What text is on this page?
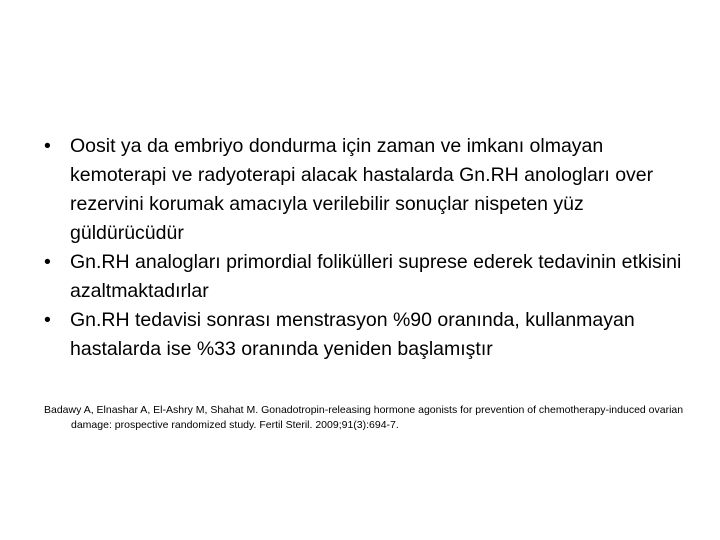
• Oosit ya da embriyo dondurma için zaman ve imkanı olmayan kemoterapi ve radyoterapi alacak hastalarda Gn.RH anologları over rezervini korumak amacıyla verilebilir sonuçlar nispeten yüz güldürücüdür
• Gn.RH analogları primordial folikülleri suprese ederek tedavinin etkisini azaltmaktadırlar
• Gn.RH tedavisi sonrası menstrasyon %90 oranında, kullanmayan hastalarda ise %33 oranında yeniden başlamıştır

Badawy A, Elnashar A, El-Ashry M, Shahat M. Gonadotropin-releasing hormone agonists for prevention of chemotherapy-induced ovarian damage: prospective randomized study. Fertil Steril. 2009;91(3):694-7.
